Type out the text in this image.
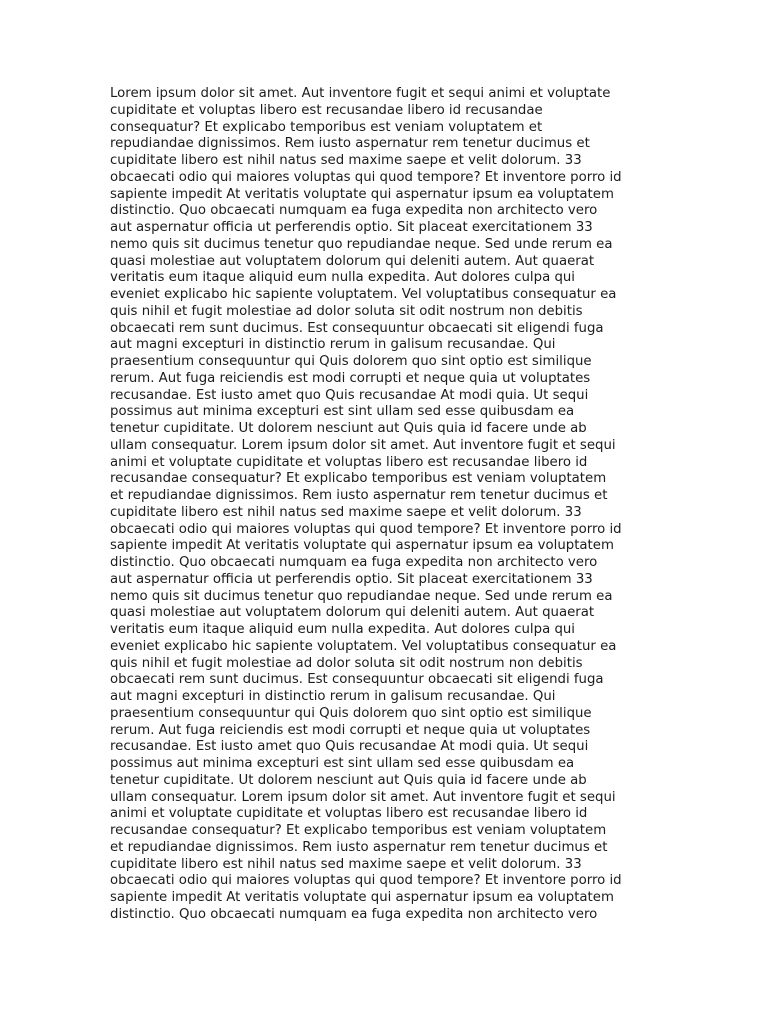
Lorem ipsum dolor sit amet. Aut inventore fugit et sequi animi et voluptate
cupiditate et voluptas libero est recusandae libero id recusandae
consequatur? Et explicabo temporibus est veniam voluptatem et
repudiandae dignissimos. Rem iusto aspernatur rem tenetur ducimus et
cupiditate libero est nihil natus sed maxime saepe et velit dolorum. 33
obcaecati odio qui maiores voluptas qui quod tempore? Et inventore porro id
sapiente impedit At veritatis voluptate qui aspernatur ipsum ea voluptatem
distinctio. Quo obcaecati numquam ea fuga expedita non architecto vero
aut aspernatur officia ut perferendis optio. Sit placeat exercitationem 33
nemo quis sit ducimus tenetur quo repudiandae neque. Sed unde rerum ea
quasi molestiae aut voluptatem dolorum qui deleniti autem. Aut quaerat
veritatis eum itaque aliquid eum nulla expedita. Aut dolores culpa qui
eveniet explicabo hic sapiente voluptatem. Vel voluptatibus consequatur ea
quis nihil et fugit molestiae ad dolor soluta sit odit nostrum non debitis
obcaecati rem sunt ducimus. Est consequuntur obcaecati sit eligendi fuga
aut magni excepturi in distinctio rerum in galisum recusandae. Qui
praesentium consequuntur qui Quis dolorem quo sint optio est similique
rerum. Aut fuga reiciendis est modi corrupti et neque quia ut voluptates
recusandae. Est iusto amet quo Quis recusandae At modi quia. Ut sequi
possimus aut minima excepturi est sint ullam sed esse quibusdam ea
tenetur cupiditate. Ut dolorem nesciunt aut Quis quia id facere unde ab
ullam consequatur. Lorem ipsum dolor sit amet. Aut inventore fugit et sequi
animi et voluptate cupiditate et voluptas libero est recusandae libero id
recusandae consequatur? Et explicabo temporibus est veniam voluptatem
et repudiandae dignissimos. Rem iusto aspernatur rem tenetur ducimus et
cupiditate libero est nihil natus sed maxime saepe et velit dolorum. 33
obcaecati odio qui maiores voluptas qui quod tempore? Et inventore porro id
sapiente impedit At veritatis voluptate qui aspernatur ipsum ea voluptatem
distinctio. Quo obcaecati numquam ea fuga expedita non architecto vero
aut aspernatur officia ut perferendis optio. Sit placeat exercitationem 33
nemo quis sit ducimus tenetur quo repudiandae neque. Sed unde rerum ea
quasi molestiae aut voluptatem dolorum qui deleniti autem. Aut quaerat
veritatis eum itaque aliquid eum nulla expedita. Aut dolores culpa qui
eveniet explicabo hic sapiente voluptatem. Vel voluptatibus consequatur ea
quis nihil et fugit molestiae ad dolor soluta sit odit nostrum non debitis
obcaecati rem sunt ducimus. Est consequuntur obcaecati sit eligendi fuga
aut magni excepturi in distinctio rerum in galisum recusandae. Qui
praesentium consequuntur qui Quis dolorem quo sint optio est similique
rerum. Aut fuga reiciendis est modi corrupti et neque quia ut voluptates
recusandae. Est iusto amet quo Quis recusandae At modi quia. Ut sequi
possimus aut minima excepturi est sint ullam sed esse quibusdam ea
tenetur cupiditate. Ut dolorem nesciunt aut Quis quia id facere unde ab
ullam consequatur. Lorem ipsum dolor sit amet. Aut inventore fugit et sequi
animi et voluptate cupiditate et voluptas libero est recusandae libero id
recusandae consequatur? Et explicabo temporibus est veniam voluptatem
et repudiandae dignissimos. Rem iusto aspernatur rem tenetur ducimus et
cupiditate libero est nihil natus sed maxime saepe et velit dolorum. 33
obcaecati odio qui maiores voluptas qui quod tempore? Et inventore porro id
sapiente impedit At veritatis voluptate qui aspernatur ipsum ea voluptatem
distinctio. Quo obcaecati numquam ea fuga expedita non architecto vero
